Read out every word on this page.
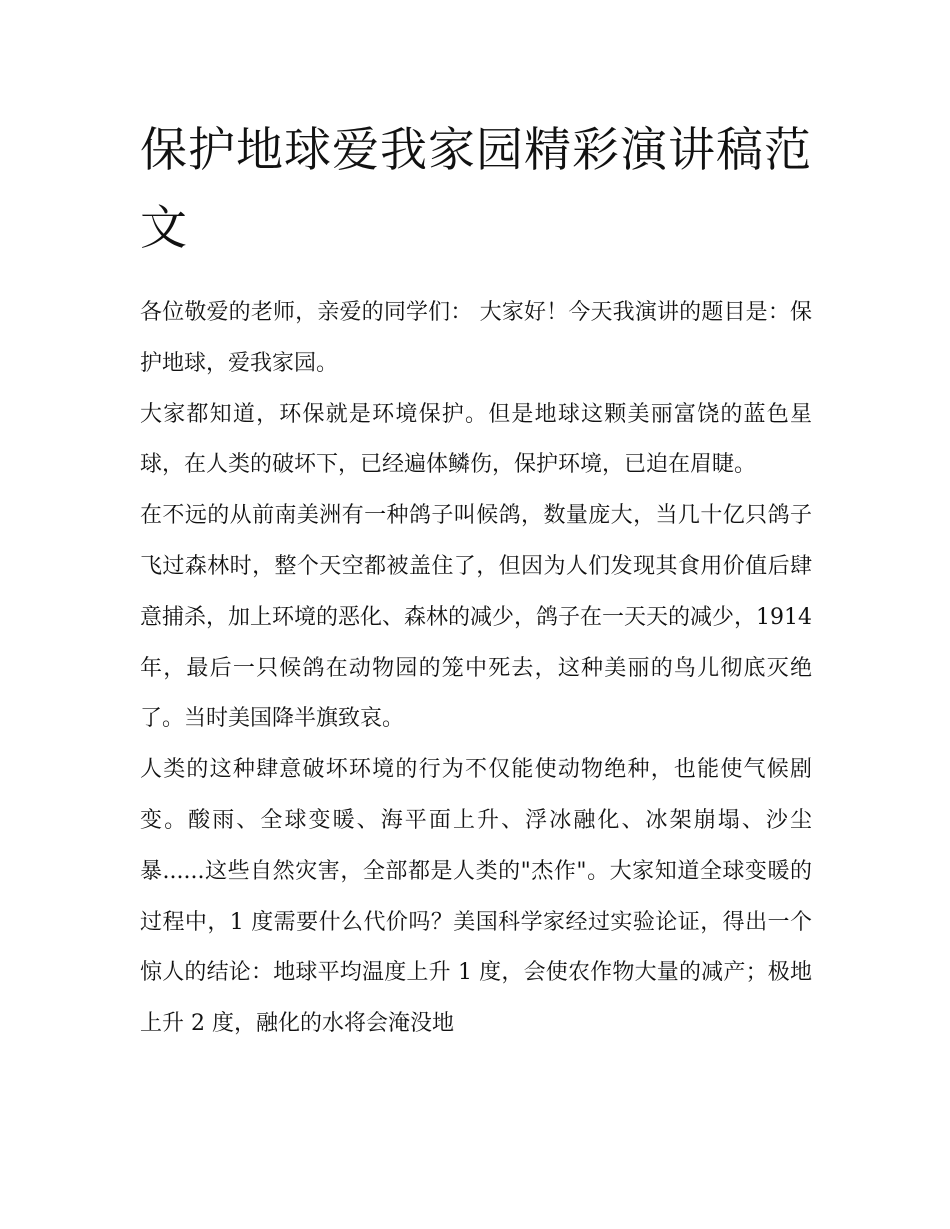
保护地球爱我家园精彩演讲稿范文

各位敬爱的老师，亲爱的同学们： 大家好！今天我演讲的题目是：保护地球，爱我家园。

大家都知道，环保就是环境保护。但是地球这颗美丽富饶的蓝色星球，在人类的破坏下，已经遍体鳞伤，保护环境，已迫在眉睫。

在不远的从前南美洲有一种鸽子叫候鸽，数量庞大，当几十亿只鸽子飞过森林时，整个天空都被盖住了，但因为人们发现其食用价值后肆意捕杀，加上环境的恶化、森林的减少，鸽子在一天天的减少，1914 年，最后一只候鸽在动物园的笼中死去，这种美丽的鸟儿彻底灭绝了。当时美国降半旗致哀。

人类的这种肆意破坏环境的行为不仅能使动物绝种，也能使气候剧变。酸雨、全球变暖、海平面上升、浮冰融化、冰架崩塌、沙尘暴......这些自然灾害，全部都是人类的"杰作"。大家知道全球变暖的过程中，1 度需要什么代价吗？美国科学家经过实验论证，得出一个惊人的结论：地球平均温度上升 1 度，会使农作物大量的减产；极地上升 2 度，融化的水将会淹没地
